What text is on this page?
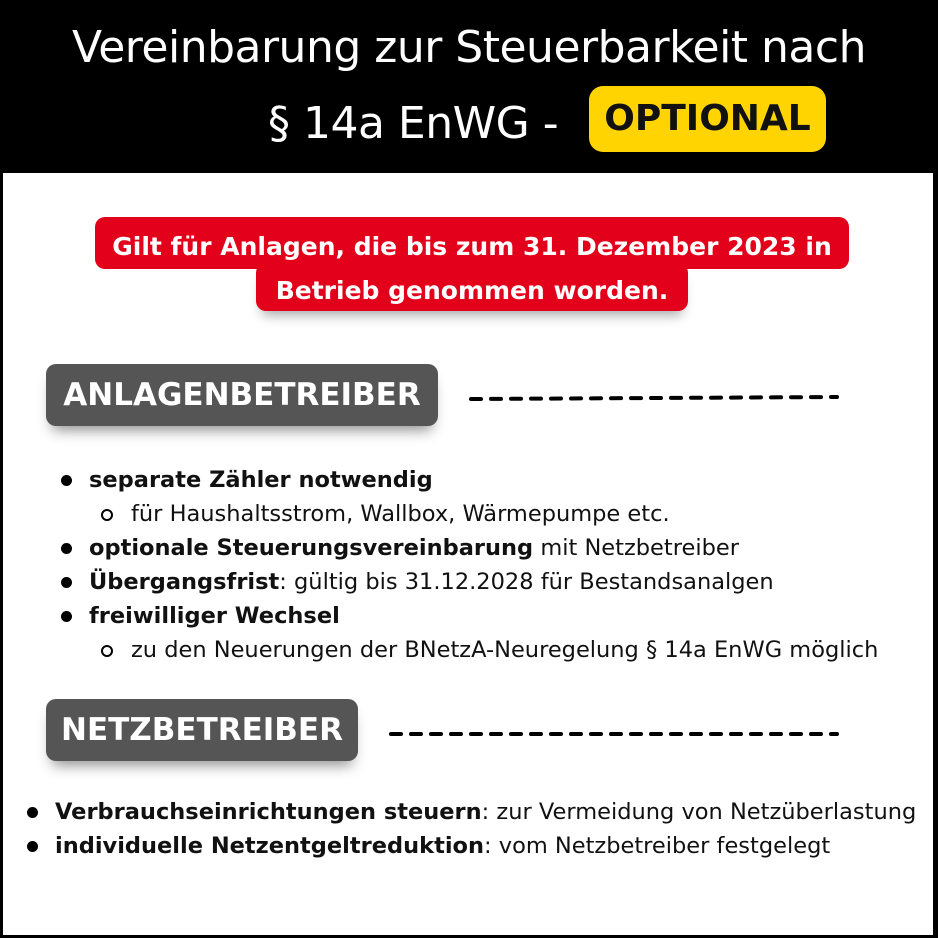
Vereinbarung zur Steuerbarkeit nach
§ 14a EnWG -	OPTIONAL
Gilt für Anlagen, die bis zum 31. Dezember 2023 in Betrieb genommen worden.
ANLAGENBETREIBER
separate Zähler notwendig
für Haushaltsstrom, Wallbox, Wärmepumpe etc.
optionale Steuerungsvereinbarung mit Netzbetreiber
Übergangsfrist: gültig bis 31.12.2028 für Bestandsanalgen
freiwilliger Wechsel
zu den Neuerungen der BNetzA-Neuregelung § 14a EnWG möglich
NETZBETREIBER
Verbrauchseinrichtungen steuern: zur Vermeidung von Netzüberlastung
individuelle Netzentgeltreduktion: vom Netzbetreiber festgelegt
